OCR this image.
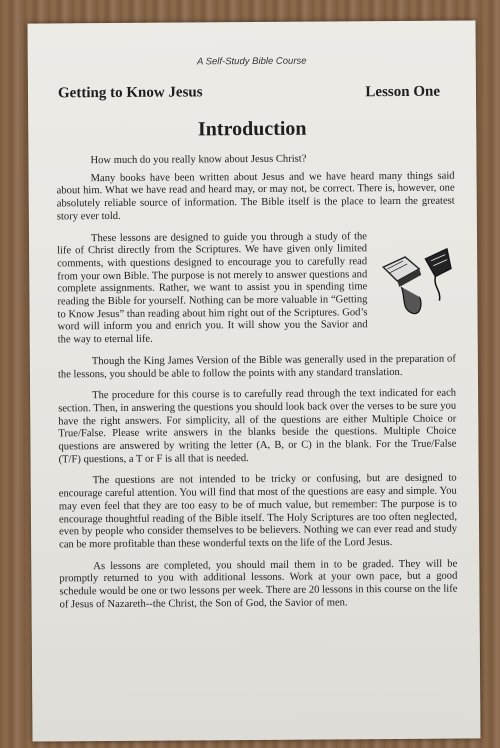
A Self-Study Bible Course
Getting to Know Jesus	Lesson One
Introduction

How much do you really know about Jesus Christ?

Many books have been written about Jesus and we have heard many things said about him. What we have read and heard may, or may not, be correct. There is, however, one absolutely reliable source of information. The Bible itself is the place to learn the greatest story ever told.

These lessons are designed to guide you through a study of the life of Christ directly from the Scriptures. We have given only limited comments, with questions designed to encourage you to carefully read from your own Bible. The purpose is not merely to answer questions and complete assignments. Rather, we want to assist you in spending time reading the Bible for yourself. Nothing can be more valuable in “Getting to Know Jesus” than reading about him right out of the Scriptures. God’s word will inform you and enrich you. It will show you the Savior and the way to eternal life.

Though the King James Version of the Bible was generally used in the preparation of the lessons, you should be able to follow the points with any standard translation.

The procedure for this course is to carefully read through the text indicated for each section. Then, in answering the questions you should look back over the verses to be sure you have the right answers. For simplicity, all of the questions are either Multiple Choice or True/False. Please write answers in the blanks beside the questions. Multiple Choice questions are answered by writing the letter (A, B, or C) in the blank. For the True/False (T/F) questions, a T or F is all that is needed.

The questions are not intended to be tricky or confusing, but are designed to encourage careful attention. You will find that most of the questions are easy and simple. You may even feel that they are too easy to be of much value, but remember: The purpose is to encourage thoughtful reading of the Bible itself. The Holy Scriptures are too often neglected, even by people who consider themselves to be believers. Nothing we can ever read and study can be more profitable than these wonderful texts on the life of the Lord Jesus.

As lessons are completed, you should mail them in to be graded. They will be promptly returned to you with additional lessons. Work at your own pace, but a good schedule would be one or two lessons per week. There are 20 lessons in this course on the life of Jesus of Nazareth--the Christ, the Son of God, the Savior of men.
